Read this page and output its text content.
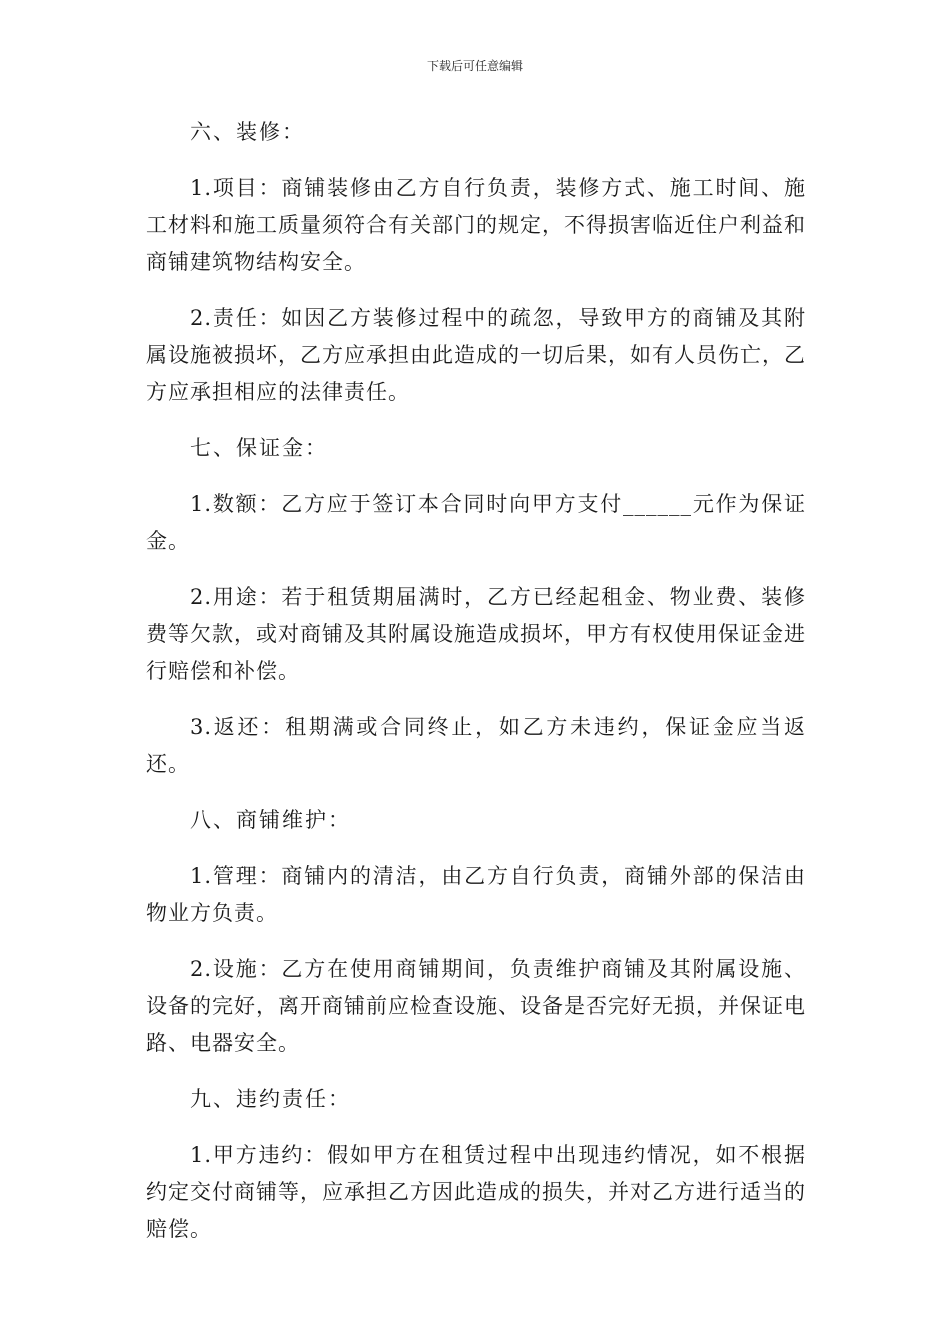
下载后可任意编辑

六、装修：

1.项目：商铺装修由乙方自行负责，装修方式、施工时间、施工材料和施工质量须符合有关部门的规定，不得损害临近住户利益和商铺建筑物结构安全。

2.责任：如因乙方装修过程中的疏忽，导致甲方的商铺及其附属设施被损坏，乙方应承担由此造成的一切后果，如有人员伤亡，乙方应承担相应的法律责任。

七、保证金：

1.数额：乙方应于签订本合同时向甲方支付______元作为保证金。

2.用途：若于租赁期届满时，乙方已经起租金、物业费、装修费等欠款，或对商铺及其附属设施造成损坏，甲方有权使用保证金进行赔偿和补偿。

3.返还：租期满或合同终止，如乙方未违约，保证金应当返还。

八、商铺维护：

1.管理：商铺内的清洁，由乙方自行负责，商铺外部的保洁由物业方负责。

2.设施：乙方在使用商铺期间，负责维护商铺及其附属设施、设备的完好，离开商铺前应检查设施、设备是否完好无损，并保证电路、电器安全。

九、违约责任：

1.甲方违约：假如甲方在租赁过程中出现违约情况，如不根据约定交付商铺等，应承担乙方因此造成的损失，并对乙方进行适当的赔偿。
